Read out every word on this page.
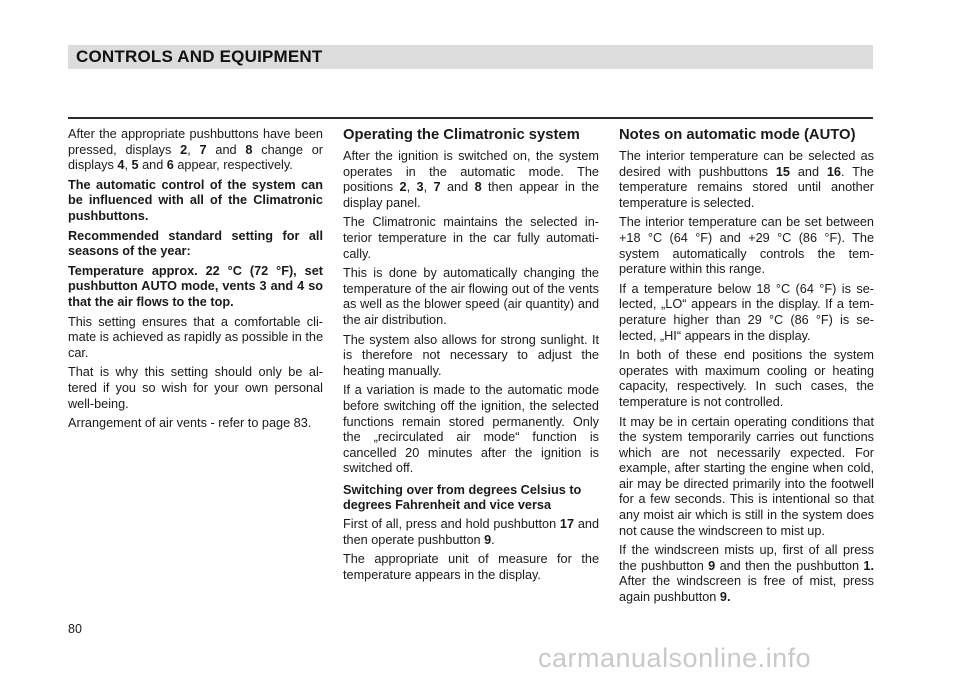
CONTROLS AND EQUIPMENT

After the appropriate pushbuttons have been pressed, displays 2, 7 and 8 change or displays 4, 5 and 6 appear, respectively.

The automatic control of the system can be influenced with all of the Climatronic pushbuttons.

Recommended standard setting for all seasons of the year:

Temperature approx. 22 °C (72 °F), set pushbutton AUTO mode, vents 3 and 4 so that the air flows to the top.

This setting ensures that a comfortable climate is achieved as rapidly as possible in the car.

That is why this setting should only be altered if you so wish for your own personal well-being.

Arrangement of air vents - refer to page 83.

Operating the Climatronic system

After the ignition is switched on, the system operates in the automatic mode. The positions 2, 3, 7 and 8 then appear in the display panel.

The Climatronic maintains the selected interior temperature in the car fully automatically.

This is done by automatically changing the temperature of the air flowing out of the vents as well as the blower speed (air quantity) and the air distribution.

The system also allows for strong sunlight. It is therefore not necessary to adjust the heating manually.

If a variation is made to the automatic mode before switching off the ignition, the selected functions remain stored permanently. Only the „recirculated air mode“ function is cancelled 20 minutes after the ignition is switched off.

Switching over from degrees Celsius to degrees Fahrenheit and vice versa

First of all, press and hold pushbutton 17 and then operate pushbutton 9.

The appropriate unit of measure for the temperature appears in the display.

Notes on automatic mode (AUTO)

The interior temperature can be selected as desired with pushbuttons 15 and 16. The temperature remains stored until another temperature is selected.

The interior temperature can be set between +18 °C (64 °F) and +29 °C (86 °F). The system automatically controls the temperature within this range.

If a temperature below 18 °C (64 °F) is selected, „LO“ appears in the display. If a temperature higher than 29 °C (86 °F) is selected, „HI“ appears in the display.

In both of these end positions the system operates with maximum cooling or heating capacity, respectively. In such cases, the temperature is not controlled.

It may be in certain operating conditions that the system temporarily carries out functions which are not necessarily expected. For example, after starting the engine when cold, air may be directed primarily into the footwell for a few seconds. This is intentional so that any moist air which is still in the system does not cause the windscreen to mist up.

If the windscreen mists up, first of all press the pushbutton 9 and then the pushbutton 1. After the windscreen is free of mist, press again pushbutton 9.

80
carmanualsonline.info
